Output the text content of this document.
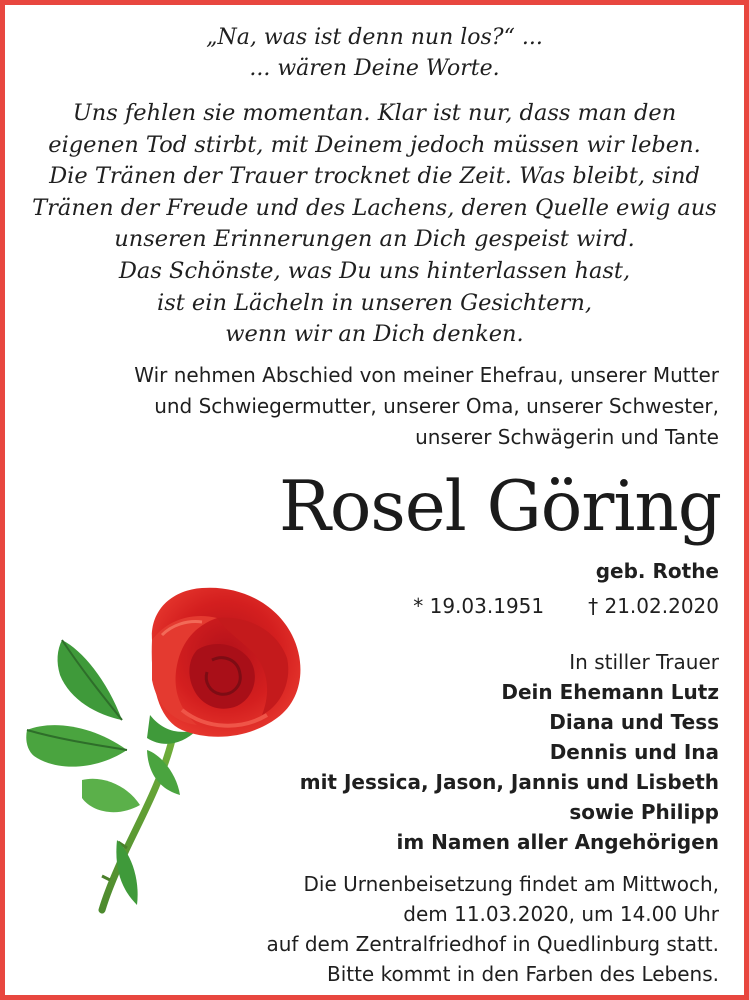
„Na, was ist denn nun los?“ ...
... wären Deine Worte.
Uns fehlen sie momentan. Klar ist nur, dass man den
eigenen Tod stirbt, mit Deinem jedoch müssen wir leben.
Die Tränen der Trauer trocknet die Zeit. Was bleibt, sind
Tränen der Freude und des Lachens, deren Quelle ewig aus
unseren Erinnerungen an Dich gespeist wird.
Das Schönste, was Du uns hinterlassen hast,
ist ein Lächeln in unseren Gesichtern,
wenn wir an Dich denken.
Wir nehmen Abschied von meiner Ehefrau, unserer Mutter
und Schwiegermutter, unserer Oma, unserer Schwester,
unserer Schwägerin und Tante
Rosel Göring
geb. Rothe
* 19.03.1951 † 21.02.2020
In stiller Trauer
Dein Ehemann Lutz
Diana und Tess
Dennis und Ina
mit Jessica, Jason, Jannis und Lisbeth
sowie Philipp
im Namen aller Angehörigen
Die Urnenbeisetzung findet am Mittwoch,
dem 11.03.2020, um 14.00 Uhr
auf dem Zentralfriedhof in Quedlinburg statt.
Bitte kommt in den Farben des Lebens.
